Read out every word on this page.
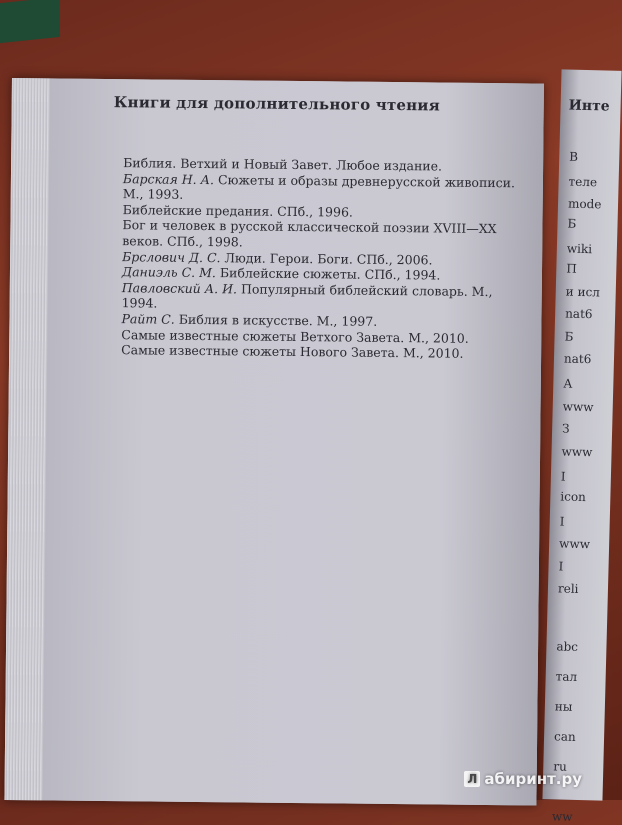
Книги для дополнительного чтения
Библия. Ветхий и Новый Завет. Любое издание.
Барская Н. А. Сюжеты и образы древнерусской живописи. М., 1993.
Библейские предания. СПб., 1996.
Бог и человек в русской классической поэзии XVIII—XX веков. СПб., 1998.
Брслович Д. С. Люди. Герои. Боги. СПб., 2006.
Даниэль С. М. Библейские сюжеты. СПб., 1994.
Павловский А. И. Популярный библейский словарь. М., 1994.
Райт С. Библия в искусстве. М., 1997.
Самые известные сюжеты Ветхого Завета. М., 2010.
Самые известные сюжеты Нового Завета. М., 2010.
Инте
В
теле
mode
Б
wiki
П
и исл
nat6
Б
nat6
А
www
З
www
I
icon
I
www
I
reli
abc
тал
ны
can
ru
ww
Л абиринт.ру
